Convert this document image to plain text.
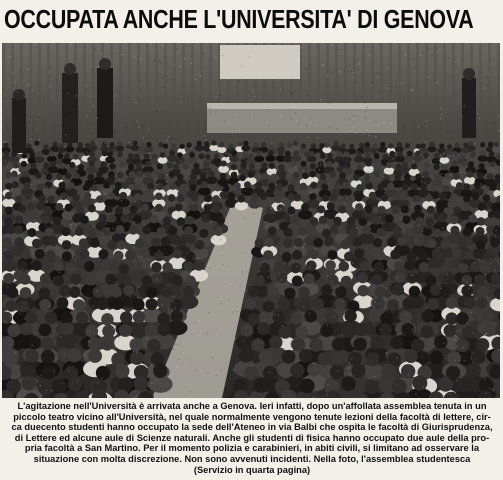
OCCUPATA ANCHE L'UNIVERSITA' DI GENOVA
L'agitazione nell'Università è arrivata anche a Genova. Ieri infatti, dopo un'affollata assemblea tenuta in un
piccolo teatro vicino all'Università, nel quale normalmente vengono tenute lezioni della facoltà di lettere, cir-
ca duecento studenti hanno occupato la sede dell'Ateneo in via Balbi che ospita le facoltà di Giurisprudenza,
di Lettere ed alcune aule di Scienze naturali. Anche gli studenti di fisica hanno occupato due aule della pro-
pria facoltà a San Martino. Per il momento polizia e carabinieri, in abiti civili, si limitano ad osservare la
situazione con molta discrezione. Non sono avvenuti incidenti. Nella foto, l'assemblea studentesca
(Servizio in quarta pagina)
